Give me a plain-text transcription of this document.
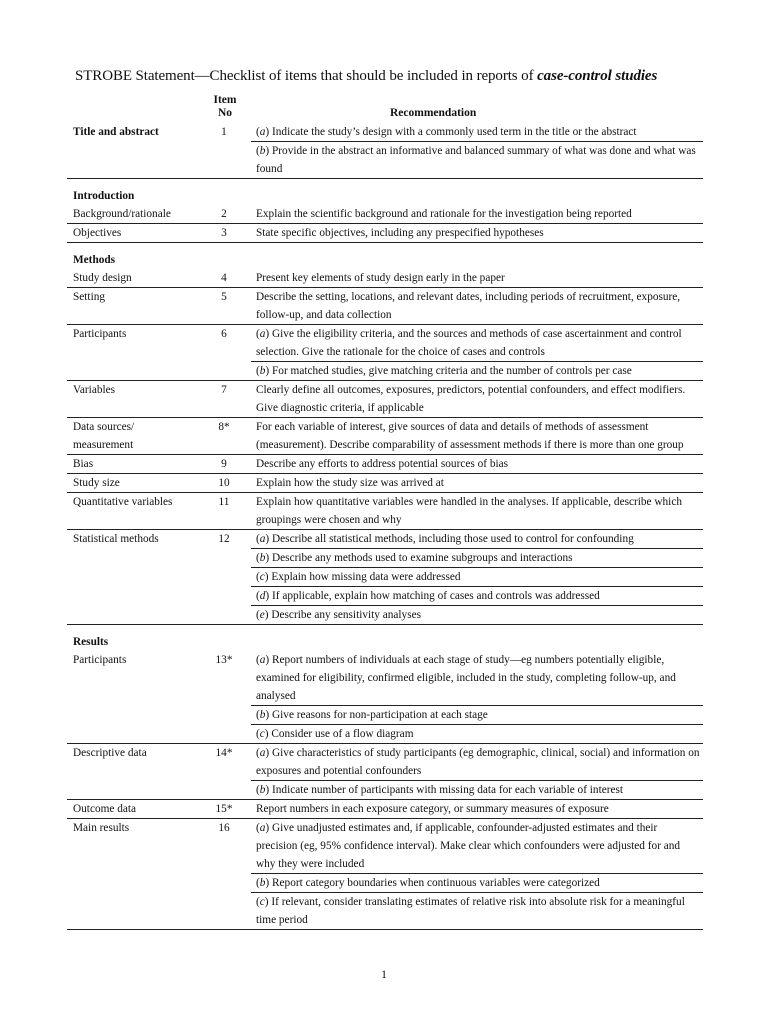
STROBE Statement—Checklist of items that should be included in reports of case-control studies
Item
No	Recommendation
Title and abstract	1	(a) Indicate the study’s design with a commonly used term in the title or the abstract
(b) Provide in the abstract an informative and balanced summary of what was done and what was found
Introduction
Background/rationale	2	Explain the scientific background and rationale for the investigation being reported
Objectives	3	State specific objectives, including any prespecified hypotheses
Methods
Study design	4	Present key elements of study design early in the paper
Setting	5	Describe the setting, locations, and relevant dates, including periods of recruitment, exposure, follow-up, and data collection
Participants	6	(a) Give the eligibility criteria, and the sources and methods of case ascertainment and control selection. Give the rationale for the choice of cases and controls
(b) For matched studies, give matching criteria and the number of controls per case
Variables	7	Clearly define all outcomes, exposures, predictors, potential confounders, and effect modifiers. Give diagnostic criteria, if applicable
Data sources/
measurement
8*	For each variable of interest, give sources of data and details of methods of assessment (measurement). Describe comparability of assessment methods if there is more than one group
Bias	9	Describe any efforts to address potential sources of bias
Study size	10	Explain how the study size was arrived at
Quantitative variables	11	Explain how quantitative variables were handled in the analyses. If applicable, describe which groupings were chosen and why
Statistical methods	12	(a) Describe all statistical methods, including those used to control for confounding
(b) Describe any methods used to examine subgroups and interactions
(c) Explain how missing data were addressed
(d) If applicable, explain how matching of cases and controls was addressed
(e) Describe any sensitivity analyses
Results
Participants	13*	(a) Report numbers of individuals at each stage of study—eg numbers potentially eligible, examined for eligibility, confirmed eligible, included in the study, completing follow-up, and analysed
(b) Give reasons for non-participation at each stage
(c) Consider use of a flow diagram
Descriptive data	14*	(a) Give characteristics of study participants (eg demographic, clinical, social) and information on exposures and potential confounders
(b) Indicate number of participants with missing data for each variable of interest
Outcome data	15*	Report numbers in each exposure category, or summary measures of exposure
Main results	16	(a) Give unadjusted estimates and, if applicable, confounder-adjusted estimates and their precision (eg, 95% confidence interval). Make clear which confounders were adjusted for and why they were included
(b) Report category boundaries when continuous variables were categorized
(c) If relevant, consider translating estimates of relative risk into absolute risk for a meaningful time period
1
